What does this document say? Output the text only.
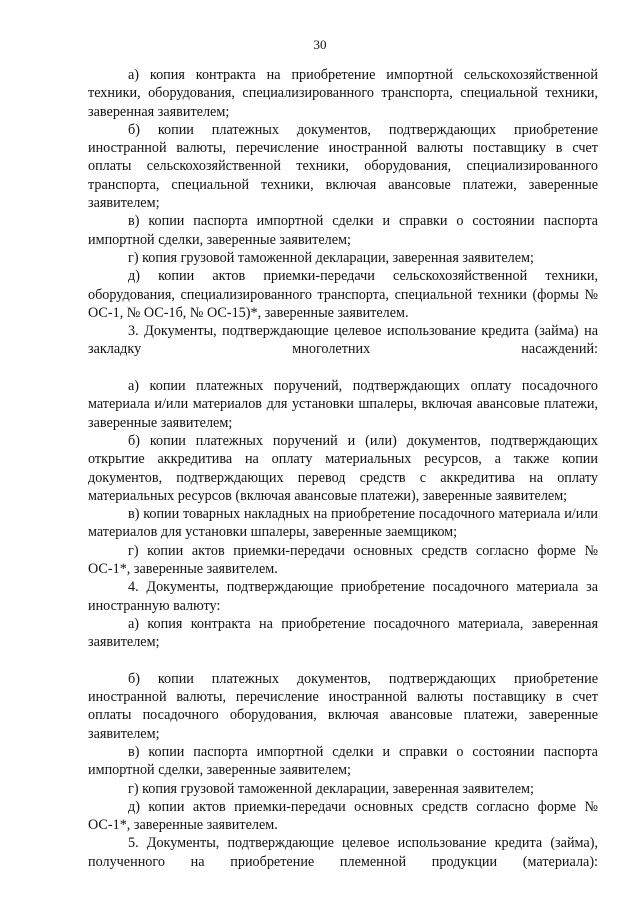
30

а) копия контракта на приобретение импортной сельскохозяйственной техники, оборудования, специализированного транспорта, специальной техники, заверенная заявителем;

б) копии платежных документов, подтверждающих приобретение иностранной валюты, перечисление иностранной валюты поставщику в счет оплаты сельскохозяйственной техники, оборудования, специализированного транспорта, специальной техники, включая авансовые платежи, заверенные заявителем;

в) копии паспорта импортной сделки и справки о состоянии паспорта импортной сделки, заверенные заявителем;

г) копия грузовой таможенной декларации, заверенная заявителем;

д) копии актов приемки-передачи сельскохозяйственной техники, оборудования, специализированного транспорта, специальной техники (формы № ОС-1, № ОС-1б, № ОС-15)*, заверенные заявителем.

3. Документы, подтверждающие целевое использование кредита (займа) на закладку многолетних насаждений:

а) копии платежных поручений, подтверждающих оплату посадочного материала и/или материалов для установки шпалеры, включая авансовые платежи, заверенные заявителем;

б) копии платежных поручений и (или) документов, подтверждающих открытие аккредитива на оплату материальных ресурсов, а также копии документов, подтверждающих перевод средств с аккредитива на оплату материальных ресурсов (включая авансовые платежи), заверенные заявителем;

в) копии товарных накладных на приобретение посадочного материала и/или материалов для установки шпалеры, заверенные заемщиком;

г) копии актов приемки-передачи основных средств согласно форме № ОС-1*, заверенные заявителем.

4. Документы, подтверждающие приобретение посадочного материала за иностранную валюту:

а) копия контракта на приобретение посадочного материала, заверенная заявителем;

б) копии платежных документов, подтверждающих приобретение иностранной валюты, перечисление иностранной валюты поставщику в счет оплаты посадочного оборудования, включая авансовые платежи, заверенные заявителем;

в) копии паспорта импортной сделки и справки о состоянии паспорта импортной сделки, заверенные заявителем;

г) копия грузовой таможенной декларации, заверенная заявителем;

д) копии актов приемки-передачи основных средств согласно форме № ОС-1*, заверенные заявителем.

5. Документы, подтверждающие целевое использование кредита (займа), полученного на приобретение племенной продукции (материала):
